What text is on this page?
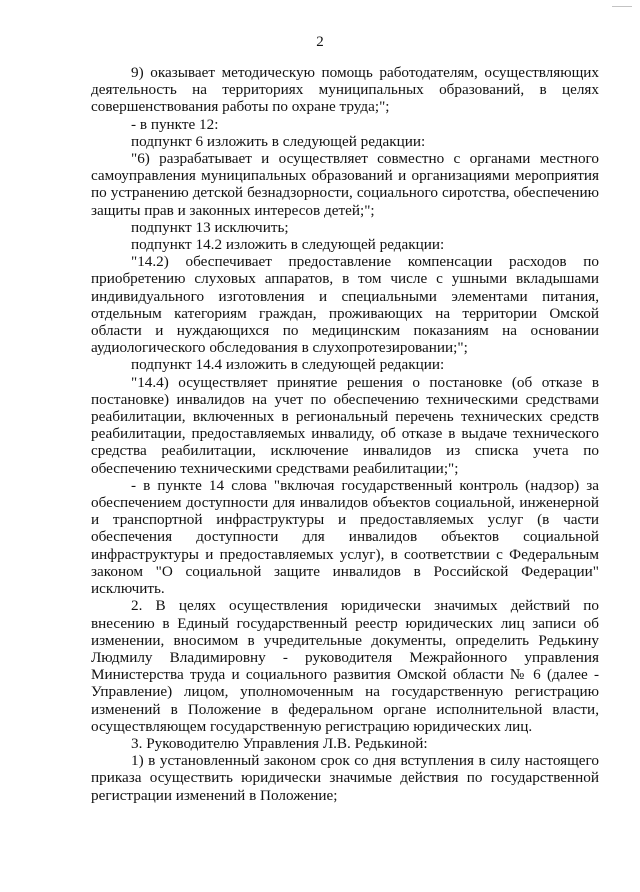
2

9) оказывает методическую помощь работодателям, осуществляющих деятельность на территориях муниципальных образований, в целях совершенствования работы по охране труда;";

- в пункте 12:

подпункт 6 изложить в следующей редакции:

"6) разрабатывает и осуществляет совместно с органами местного самоуправления муниципальных образований и организациями мероприятия по устранению детской безнадзорности, социального сиротства, обеспечению защиты прав и законных интересов детей;";

подпункт 13 исключить;

подпункт 14.2 изложить в следующей редакции:

"14.2) обеспечивает предоставление компенсации расходов по приобретению слуховых аппаратов, в том числе с ушными вкладышами индивидуального изготовления и специальными элементами питания, отдельным категориям граждан, проживающих на территории Омской области и нуждающихся по медицинским показаниям на основании аудиологического обследования в слухопротезировании;";

подпункт 14.4 изложить в следующей редакции:

"14.4) осуществляет принятие решения о постановке (об отказе в постановке) инвалидов на учет по обеспечению техническими средствами реабилитации, включенных в региональный перечень технических средств реабилитации, предоставляемых инвалиду, об отказе в выдаче технического средства реабилитации, исключение инвалидов из списка учета по обеспечению техническими средствами реабилитации;";

- в пункте 14 слова "включая государственный контроль (надзор) за обеспечением доступности для инвалидов объектов социальной, инженерной и транспортной инфраструктуры и предоставляемых услуг (в части обеспечения доступности для инвалидов объектов социальной инфраструктуры и предоставляемых услуг), в соответствии с Федеральным законом "О социальной защите инвалидов в Российской Федерации" исключить.

2. В целях осуществления юридически значимых действий по внесению в Единый государственный реестр юридических лиц записи об изменении, вносимом в учредительные документы, определить Редькину Людмилу Владимировну - руководителя Межрайонного управления Министерства труда и социального развития Омской области № 6 (далее - Управление) лицом, уполномоченным на государственную регистрацию изменений в Положение в федеральном органе исполнительной власти, осуществляющем государственную регистрацию юридических лиц.

3. Руководителю Управления Л.В. Редькиной:

1) в установленный законом срок со дня вступления в силу настоящего приказа осуществить юридически значимые действия по государственной регистрации изменений в Положение;
